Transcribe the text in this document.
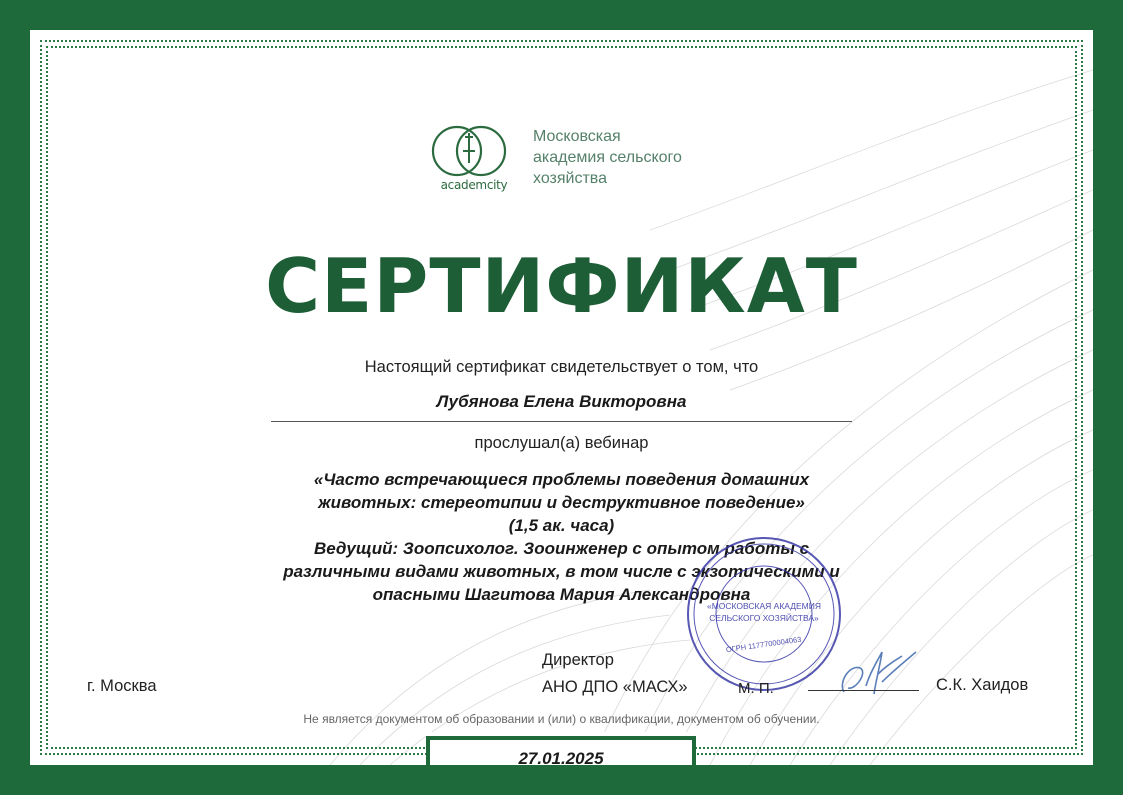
academcity
Московская
академия сельского
хозяйства
СЕРТИФИКАТ
Настоящий сертификат свидетельствует о том, что
Лубянова Елена Викторовна
прослушал(а) вебинар
«Часто встречающиеся проблемы поведения домашних
животных: стереотипии и деструктивное поведение»
(1,5 ак. часа)
Ведущий: Зоопсихолог. Зооинженер с опытом работы с
различными видами животных, в том числе с экзотическими и
опасными Шагитова Мария Александровна
«МОСКОВСКАЯ АКАДЕМИЯ
СЕЛЬСКОГО ХОЗЯЙСТВА»
ОГРН 1177700004063
г. Москва
Директор
АНО ДПО «МАСХ»	М. П.	С.К. Хаидов
Не является документом об образовании и (или) о квалификации, документом об обучении.
27.01.2025
